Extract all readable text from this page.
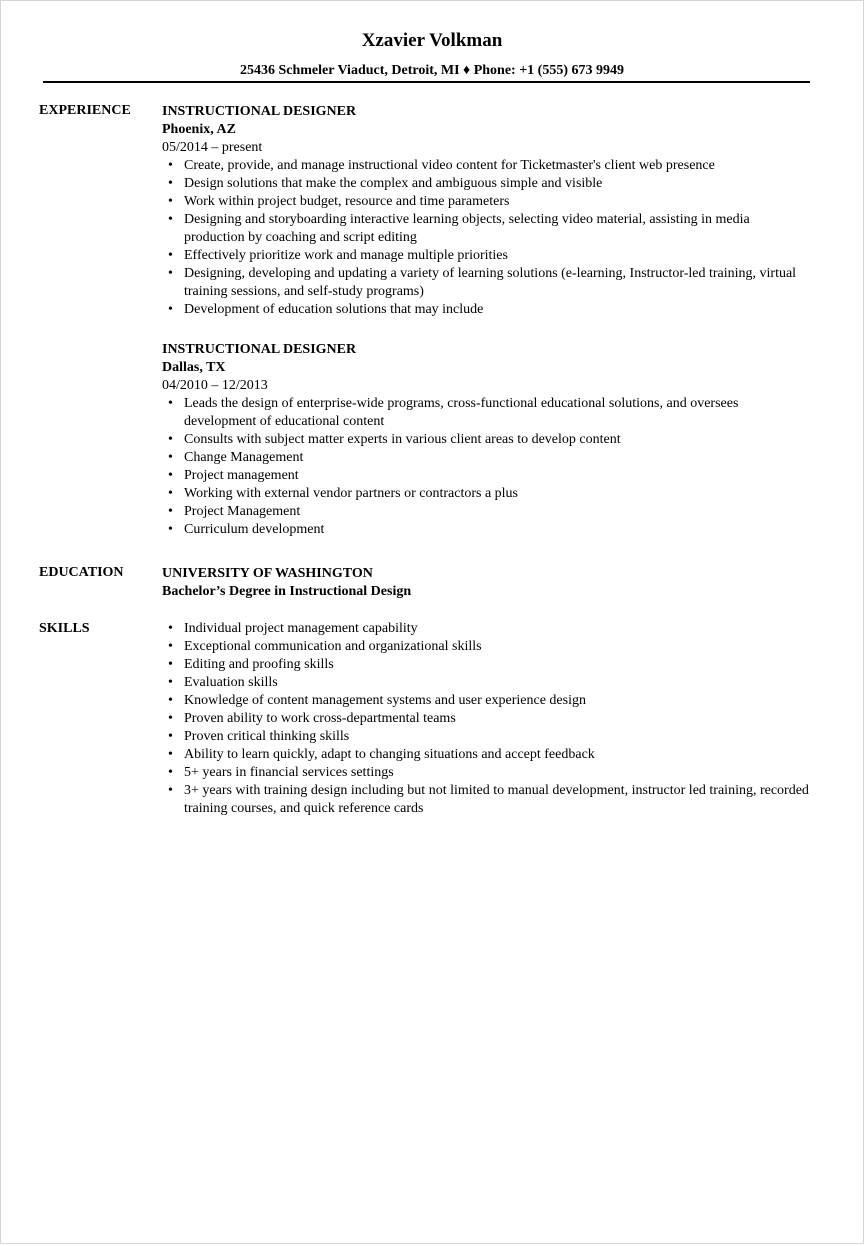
Xzavier Volkman
25436 Schmeler Viaduct, Detroit, MI ♦ Phone: +1 (555) 673 9949
EXPERIENCE INSTRUCTIONAL DESIGNER
Phoenix, AZ
05/2014 – present
• Create, provide, and manage instructional video content for Ticketmaster's client web presence
• Design solutions that make the complex and ambiguous simple and visible
• Work within project budget, resource and time parameters
• Designing and storyboarding interactive learning objects, selecting video material, assisting in media production by coaching and script editing
• Effectively prioritize work and manage multiple priorities
• Designing, developing and updating a variety of learning solutions (e-learning, Instructor-led training, virtual training sessions, and self-study programs)
• Development of education solutions that may include
INSTRUCTIONAL DESIGNER
Dallas, TX
04/2010 – 12/2013
• Leads the design of enterprise-wide programs, cross-functional educational solutions, and oversees development of educational content
• Consults with subject matter experts in various client areas to develop content
• Change Management
• Project management
• Working with external vendor partners or contractors a plus
• Project Management
• Curriculum development
EDUCATION	UNIVERSITY OF WASHINGTON
Bachelor’s Degree in Instructional Design
SKILLS	• Individual project management capability
• Exceptional communication and organizational skills
• Editing and proofing skills
• Evaluation skills
• Knowledge of content management systems and user experience design
• Proven ability to work cross-departmental teams
• Proven critical thinking skills
• Ability to learn quickly, adapt to changing situations and accept feedback
• 5+ years in financial services settings
• 3+ years with training design including but not limited to manual development, instructor led training, recorded training courses, and quick reference cards
